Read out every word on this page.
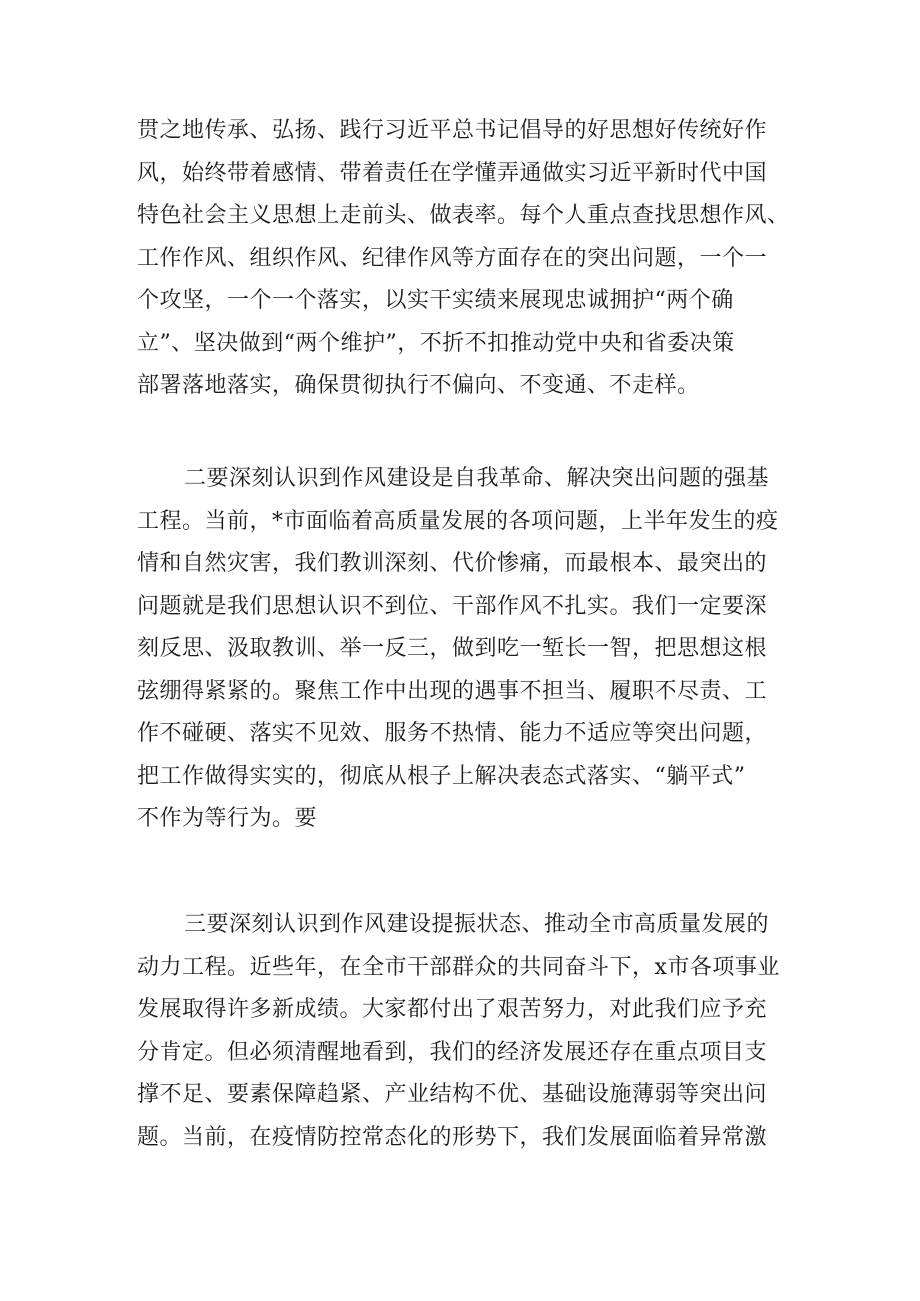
贯之地传承、弘扬、践行习近平总书记倡导的好思想好传统好作
风，始终带着感情、带着责任在学懂弄通做实习近平新时代中国
特色社会主义思想上走前头、做表率。每个人重点查找思想作风、
工作作风、组织作风、纪律作风等方面存在的突出问题，一个一
个攻坚，一个一个落实，以实干实绩来展现忠诚拥护“两个确
立”、坚决做到“两个维护”，不折不扣推动党中央和省委决策
部署落地落实，确保贯彻执行不偏向、不变通、不走样。
二要深刻认识到作风建设是自我革命、解决突出问题的强基
工程。当前，*市面临着高质量发展的各项问题，上半年发生的疫
情和自然灾害，我们教训深刻、代价惨痛，而最根本、最突出的
问题就是我们思想认识不到位、干部作风不扎实。我们一定要深
刻反思、汲取教训、举一反三，做到吃一堑长一智，把思想这根
弦绷得紧紧的。聚焦工作中出现的遇事不担当、履职不尽责、工
作不碰硬、落实不见效、服务不热情、能力不适应等突出问题，
把工作做得实实的，彻底从根子上解决表态式落实、“躺平式”
不作为等行为。要
三要深刻认识到作风建设提振状态、推动全市高质量发展的
动力工程。近些年，在全市干部群众的共同奋斗下，x市各项事业
发展取得许多新成绩。大家都付出了艰苦努力，对此我们应予充
分肯定。但必须清醒地看到，我们的经济发展还存在重点项目支
撑不足、要素保障趋紧、产业结构不优、基础设施薄弱等突出问
题。当前，在疫情防控常态化的形势下，我们发展面临着异常激
